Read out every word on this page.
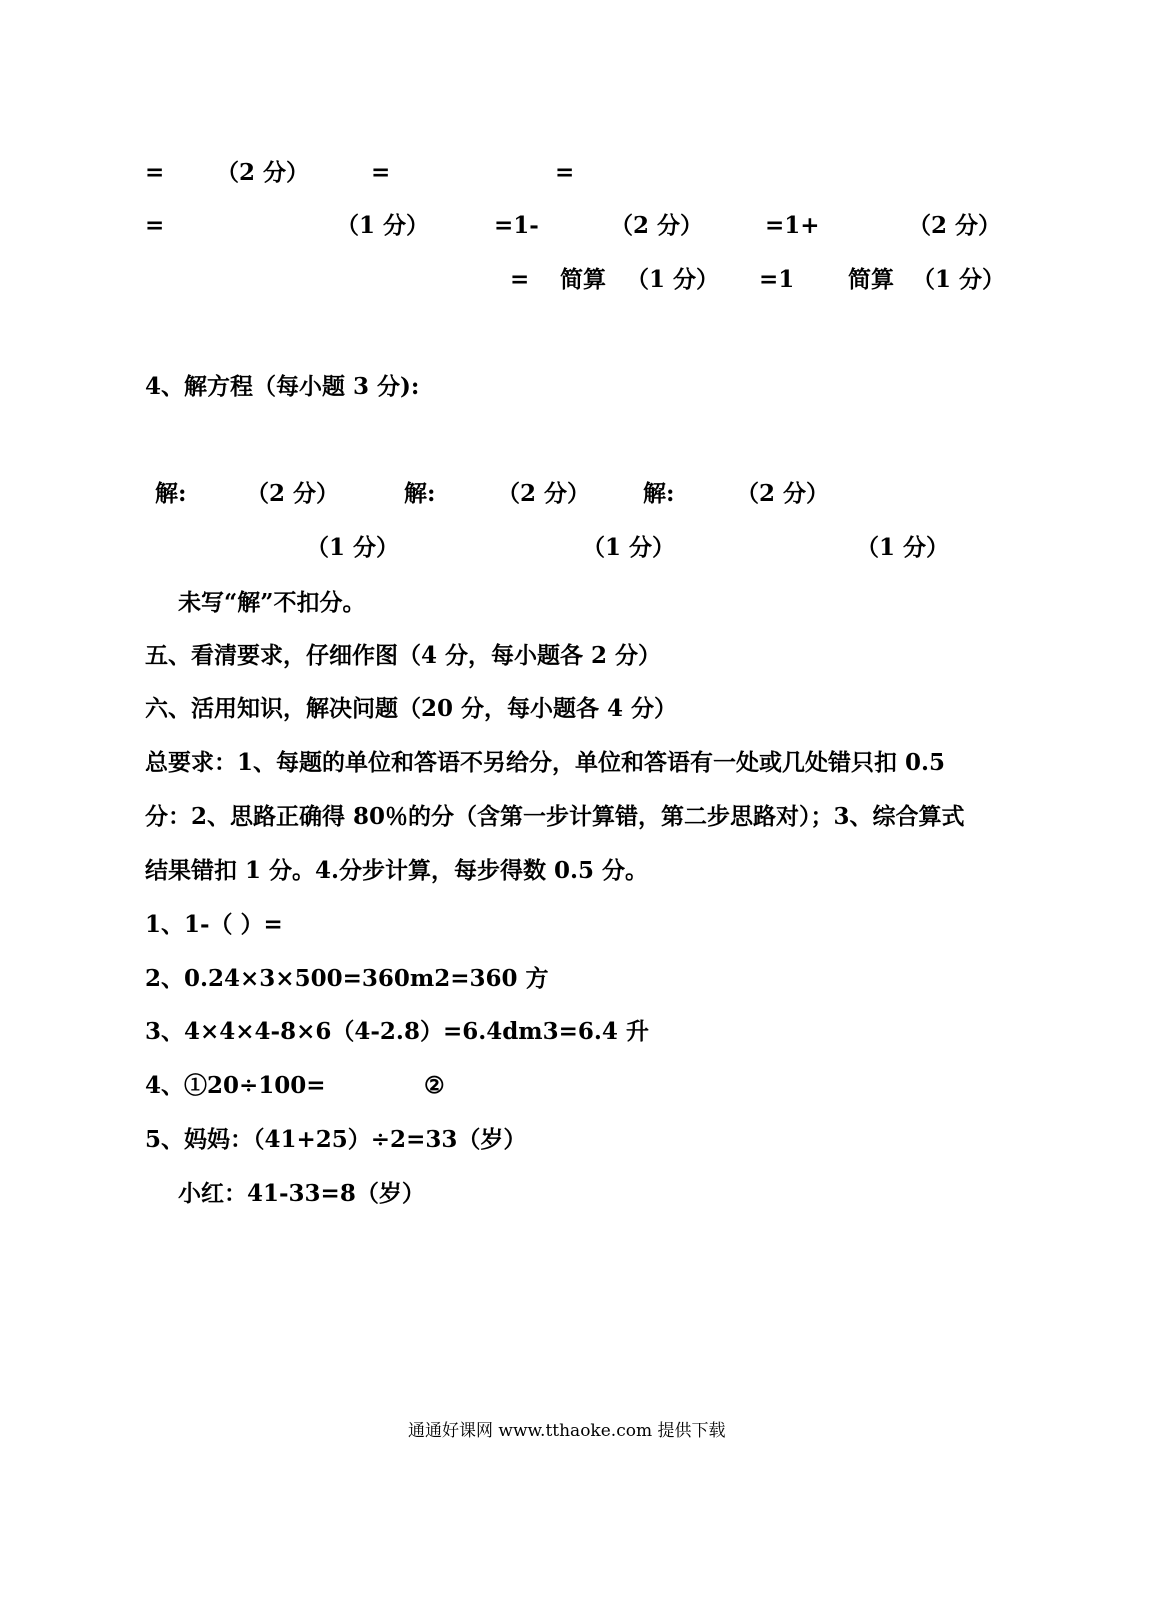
= （2 分）	=	=
=	（1 分）	=1-	（2 分）	=1+	（2 分）
= 简算 （1 分） =1 简算 （1 分）
4、解方程（每小题 3 分):
解:	（2 分）	解:	（2 分） 解:	（2 分）
（1 分）	（1 分）	（1 分）
未写“解”不扣分。
五、看清要求，仔细作图（4 分，每小题各 2 分）
六、活用知识，解决问题（20 分，每小题各 4 分）
总要求：1、每题的单位和答语不另给分，单位和答语有一处或几处错只扣 0.5
分：2、思路正确得 80％的分（含第一步计算错，第二步思路对）；3、综合算式
结果错扣 1 分。4.分步计算，每步得数 0.5 分。
1、1-（ ）=
2、0.24×3×500=360m2=360 方
3、4×4×4-8×6（4-2.8）=6.4dm3=6.4 升
4、①20÷100=	②
5、妈妈：（41+25）÷2=33（岁）
小红：41-33=8（岁）
通通好课网 www.tthaoke.com 提供下载
